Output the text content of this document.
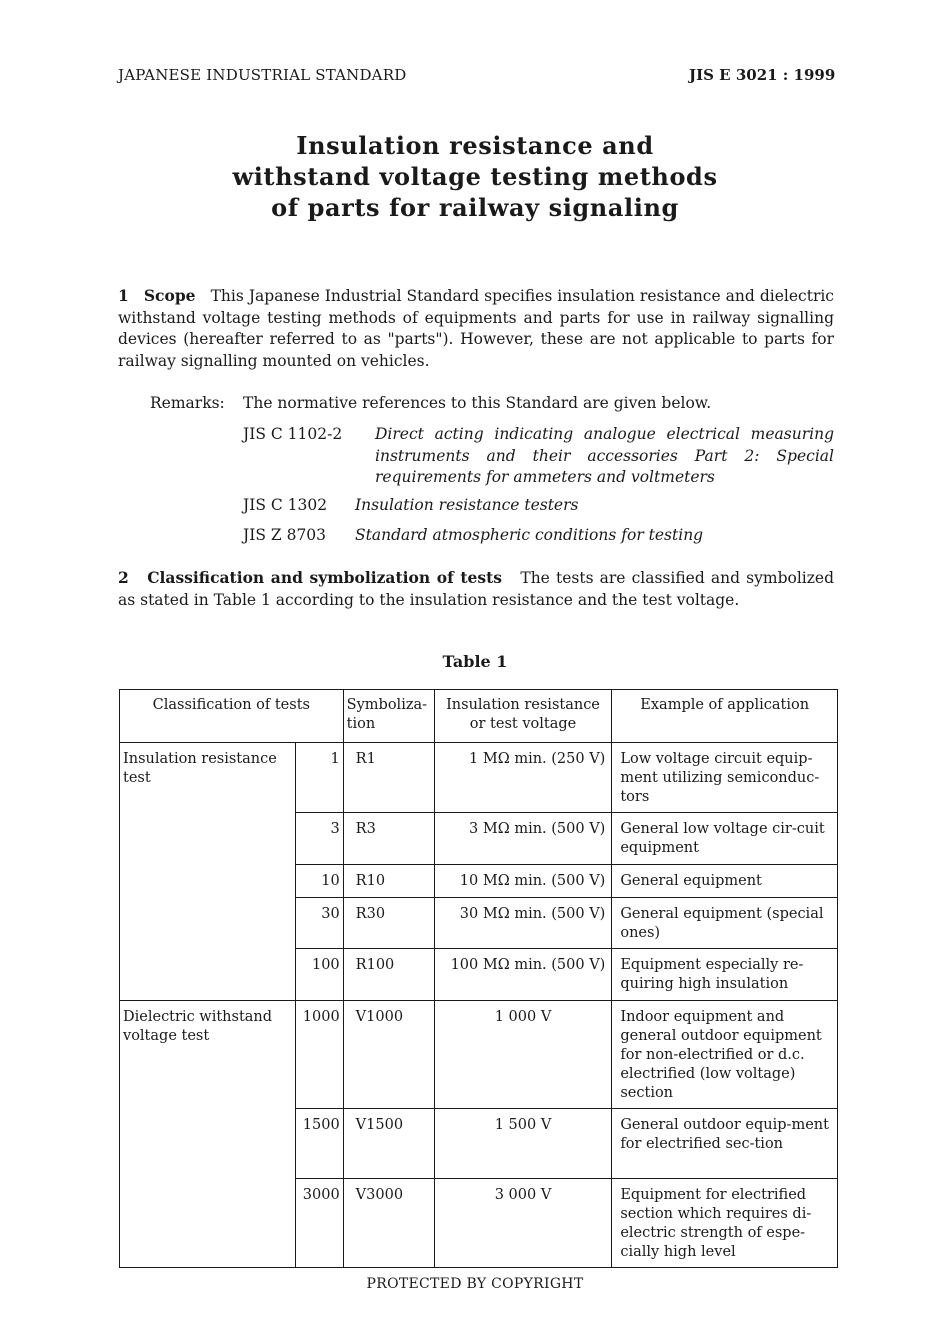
JAPANESE INDUSTRIAL STANDARD	JIS E 3021 : 1999
Insulation resistance and
withstand voltage testing methods
of parts for railway signaling
1 Scope This Japanese Industrial Standard specifies insulation resistance and dielectric withstand voltage testing methods of equipments and parts for use in railway signalling devices (hereafter referred to as "parts"). However, these are not applicable to parts for railway signalling mounted on vehicles.
Remarks: The normative references to this Standard are given below.
JIS C 1102-2 Direct acting indicating analogue electrical measuring instruments and their accessories Part 2: Special requirements for ammeters and voltmeters
JIS C 1302 Insulation resistance testers
JIS Z 8703 Standard atmospheric conditions for testing
2 Classification and symbolization of tests The tests are classified and symbolized as stated in Table 1 according to the insulation resistance and the test voltage.
Table 1
Classification of tests		Symboliza-tion	Insulation resistance or test voltage	Example of application
Insulation resistance test	1	R1	1 MΩ min. (250 V)	Low voltage circuit equip-ment utilizing semiconduc-tors
	3	R3	3 MΩ min. (500 V)	General low voltage cir-cuit equipment
	10	R10	10 MΩ min. (500 V)	General equipment
	30	R30	30 MΩ min. (500 V)	General equipment (special ones)
	100	R100	100 MΩ min. (500 V)	Equipment especially re-quiring high insulation
Dielectric withstand voltage test	1000	V1000	1 000 V	Indoor equipment and general outdoor equipment for non-electrified or d.c. electrified (low voltage) section
	1500	V1500	1 500 V	General outdoor equip-ment for electrified sec-tion
	3000	V3000	3 000 V	Equipment for electrified section which requires di-electric strength of espe-cially high level
PROTECTED BY COPYRIGHT
